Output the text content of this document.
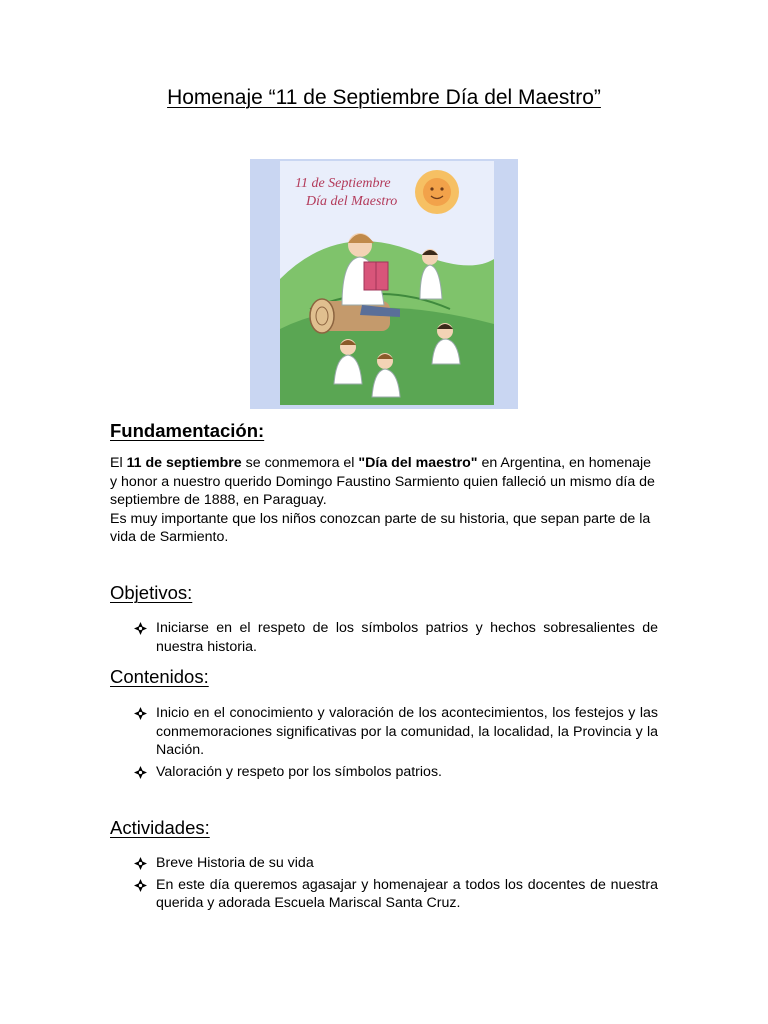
Homenaje “11 de Septiembre Día del Maestro”
11 de Septiembre
Día del Maestro
Fundamentación:
El 11 de septiembre se conmemora el "Día del maestro" en Argentina, en homenaje y honor a nuestro querido Domingo Faustino Sarmiento quien falleció un mismo día de septiembre de 1888, en Paraguay.
Es muy importante que los niños conozcan parte de su historia, que sepan parte de la vida de Sarmiento.
Objetivos:
Iniciarse en el respeto de los símbolos patrios y hechos sobresalientes de nuestra historia.
Contenidos:
Inicio en el conocimiento y valoración de los acontecimientos, los festejos y las conmemoraciones significativas por la comunidad, la localidad, la Provincia y la Nación.
Valoración y respeto por los símbolos patrios.
Actividades:
Breve Historia de su vida
En este día queremos agasajar y homenajear a todos los docentes de nuestra querida y adorada Escuela Mariscal Santa Cruz.
